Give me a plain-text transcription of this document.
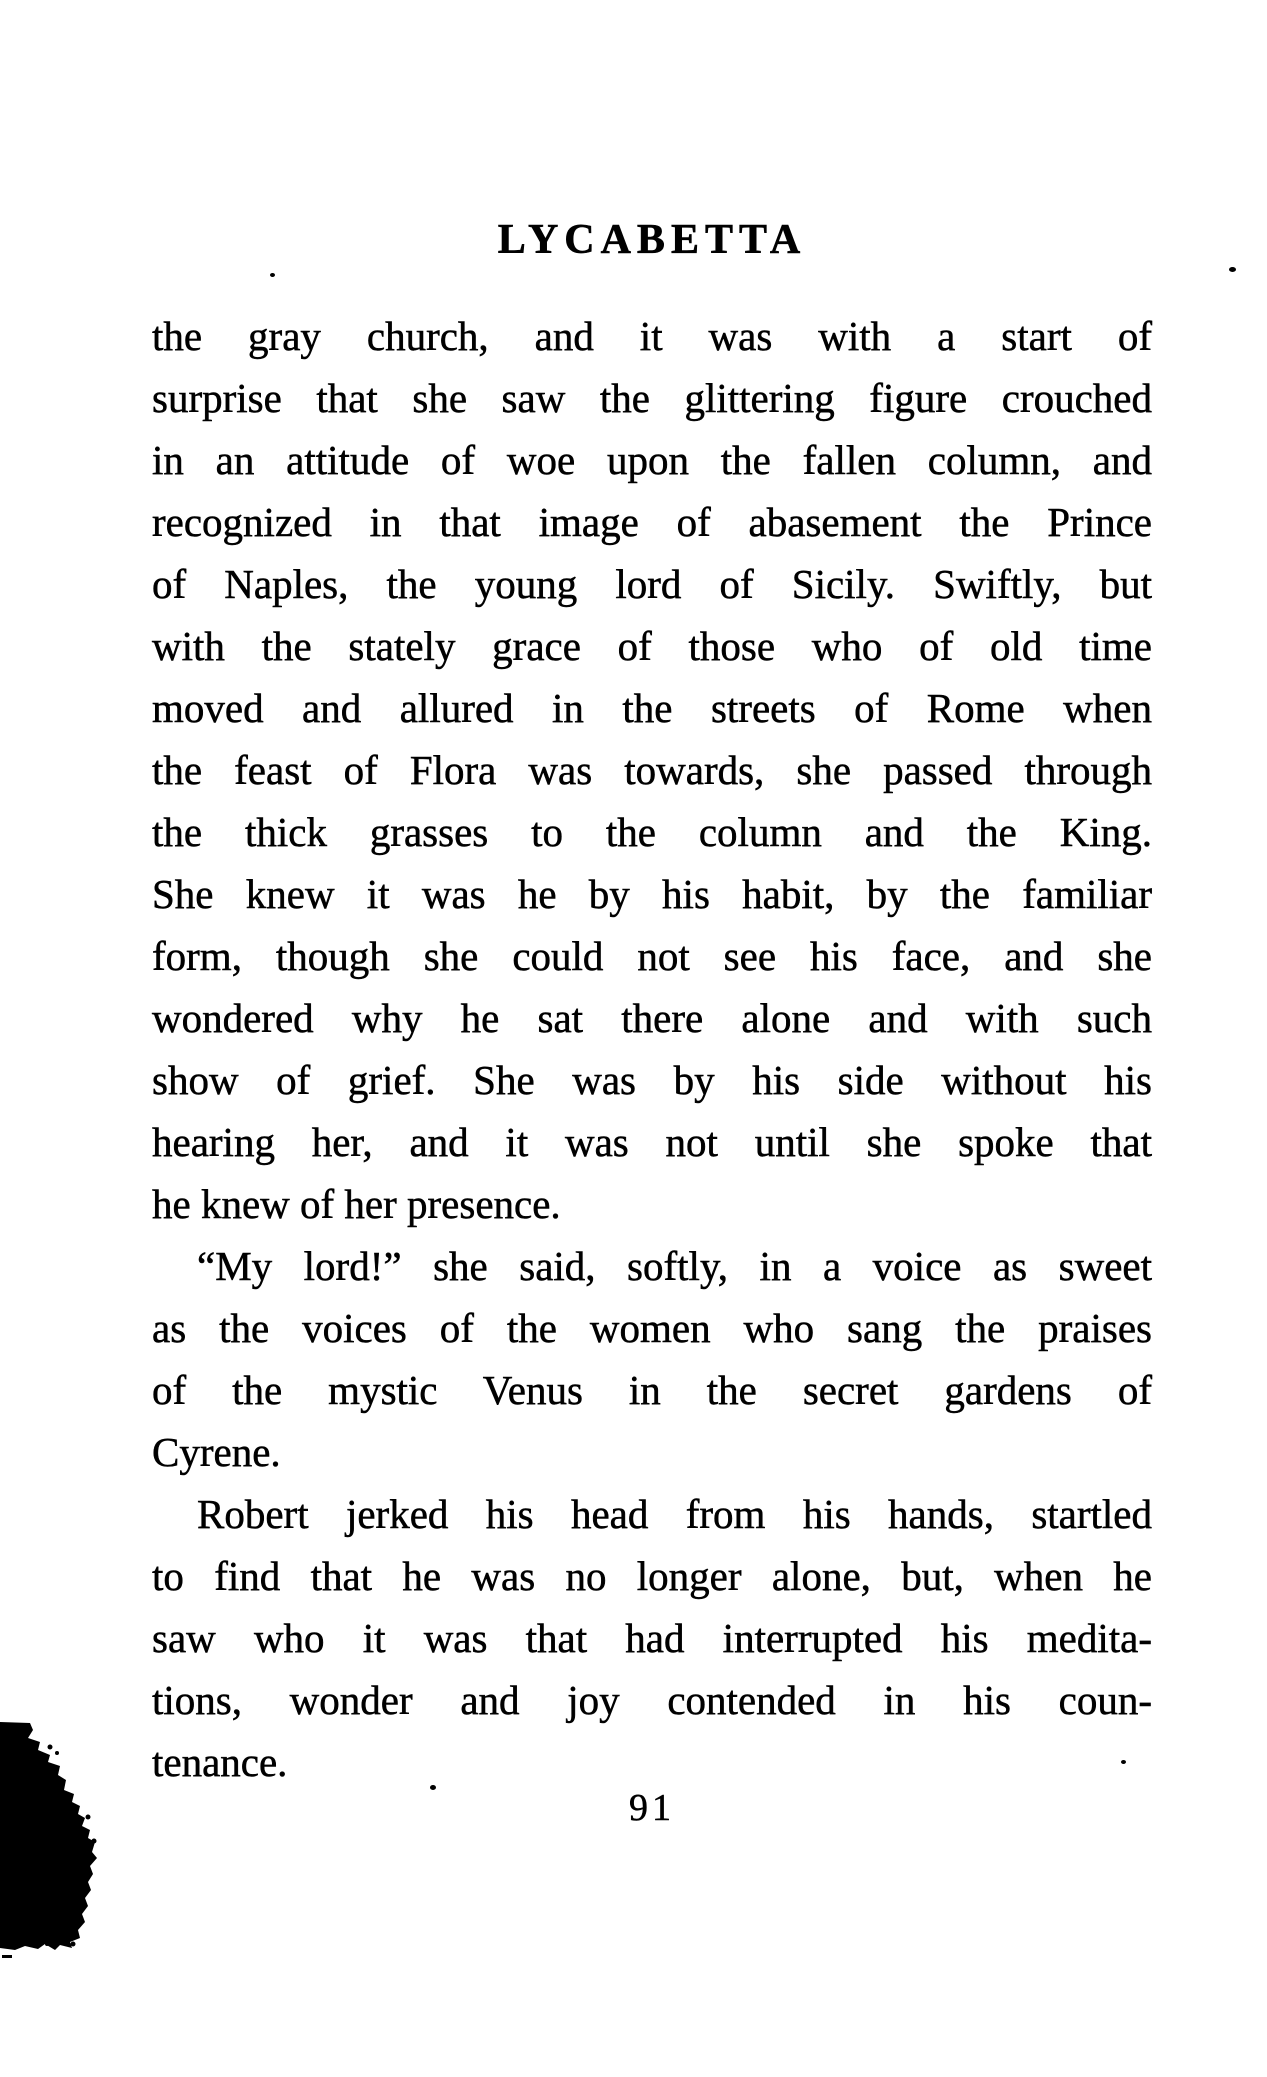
LYCABETTA
the gray church, and it was with a start of
surprise that she saw the glittering figure crouched
in an attitude of woe upon the fallen column, and
recognized in that image of abasement the Prince
of Naples, the young lord of Sicily. Swiftly, but
with the stately grace of those who of old time
moved and allured in the streets of Rome when
the feast of Flora was towards, she passed through
the thick grasses to the column and the King.
She knew it was he by his habit, by the familiar
form, though she could not see his face, and she
wondered why he sat there alone and with such
show of grief. She was by his side without his
hearing her, and it was not until she spoke that
he knew of her presence.
“My lord!” she said, softly, in a voice as sweet
as the voices of the women who sang the praises
of the mystic Venus in the secret gardens of
Cyrene.
Robert jerked his head from his hands, startled
to find that he was no longer alone, but, when he
saw who it was that had interrupted his medita-
tions, wonder and joy contended in his coun-
tenance.
91
